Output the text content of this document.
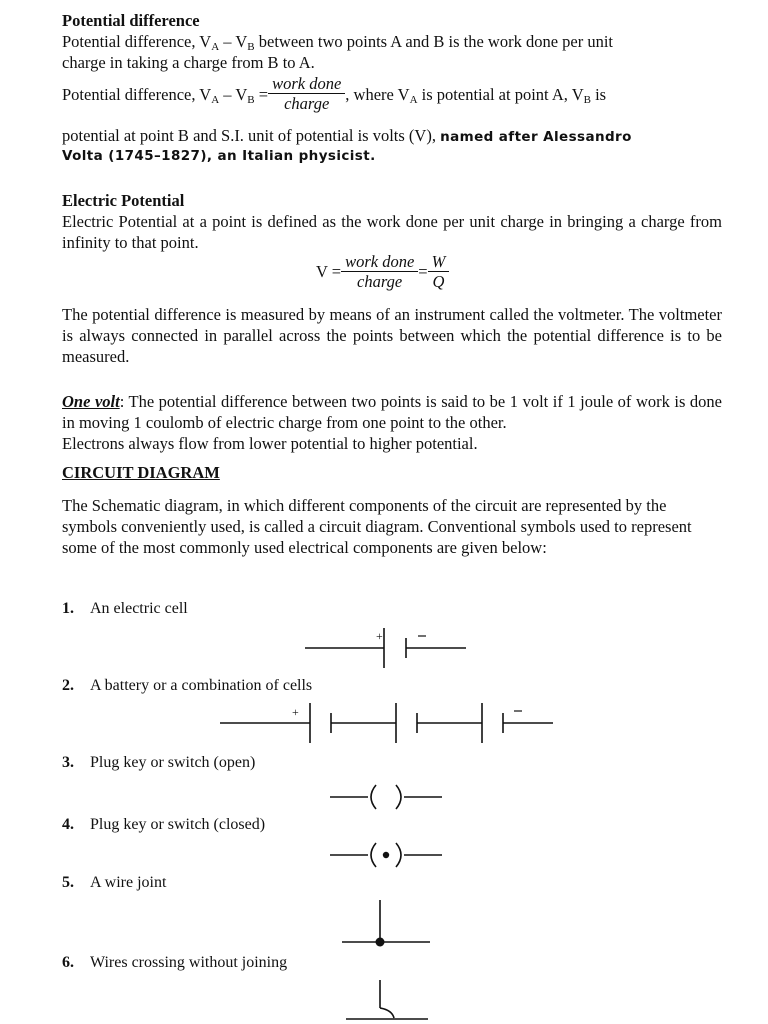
Potential difference
Potential difference, $V_A - V_B$ between two points A and B is the work done per unit
charge in taking a charge from B to A.
Potential difference, $V_A - V_B = \frac{\text{work done}}{\text{charge}}$ , where $V_A$ is potential at point A, $V_B$ is
potential at point B and S.I. unit of potential is volts (V), named after Alessandro
Volta (1745–1827), an Italian physicist.
Electric Potential
Electric Potential at a point is defined as the work done per unit charge in bringing a charge from infinity to that point.
$V = \frac{\text{work done}}{\text{charge}} = \frac{W}{Q}$
The potential difference is measured by means of an instrument called the voltmeter. The voltmeter is always connected in parallel across the points between which the potential difference is to be measured.
One volt: The potential difference between two points is said to be 1 volt if 1 joule of work is done in moving 1 coulomb of electric charge from one point to the other.
Electrons always flow from lower potential to higher potential.
CIRCUIT DIAGRAM
The Schematic diagram, in which different components of the circuit are represented by the symbols conveniently used, is called a circuit diagram. Conventional symbols used to represent some of the most commonly used electrical components are given below:
1. An electric cell
2. A battery or a combination of cells
3. Plug key or switch (open)
4. Plug key or switch (closed)
5. A wire joint
6. Wires crossing without joining
+
+
